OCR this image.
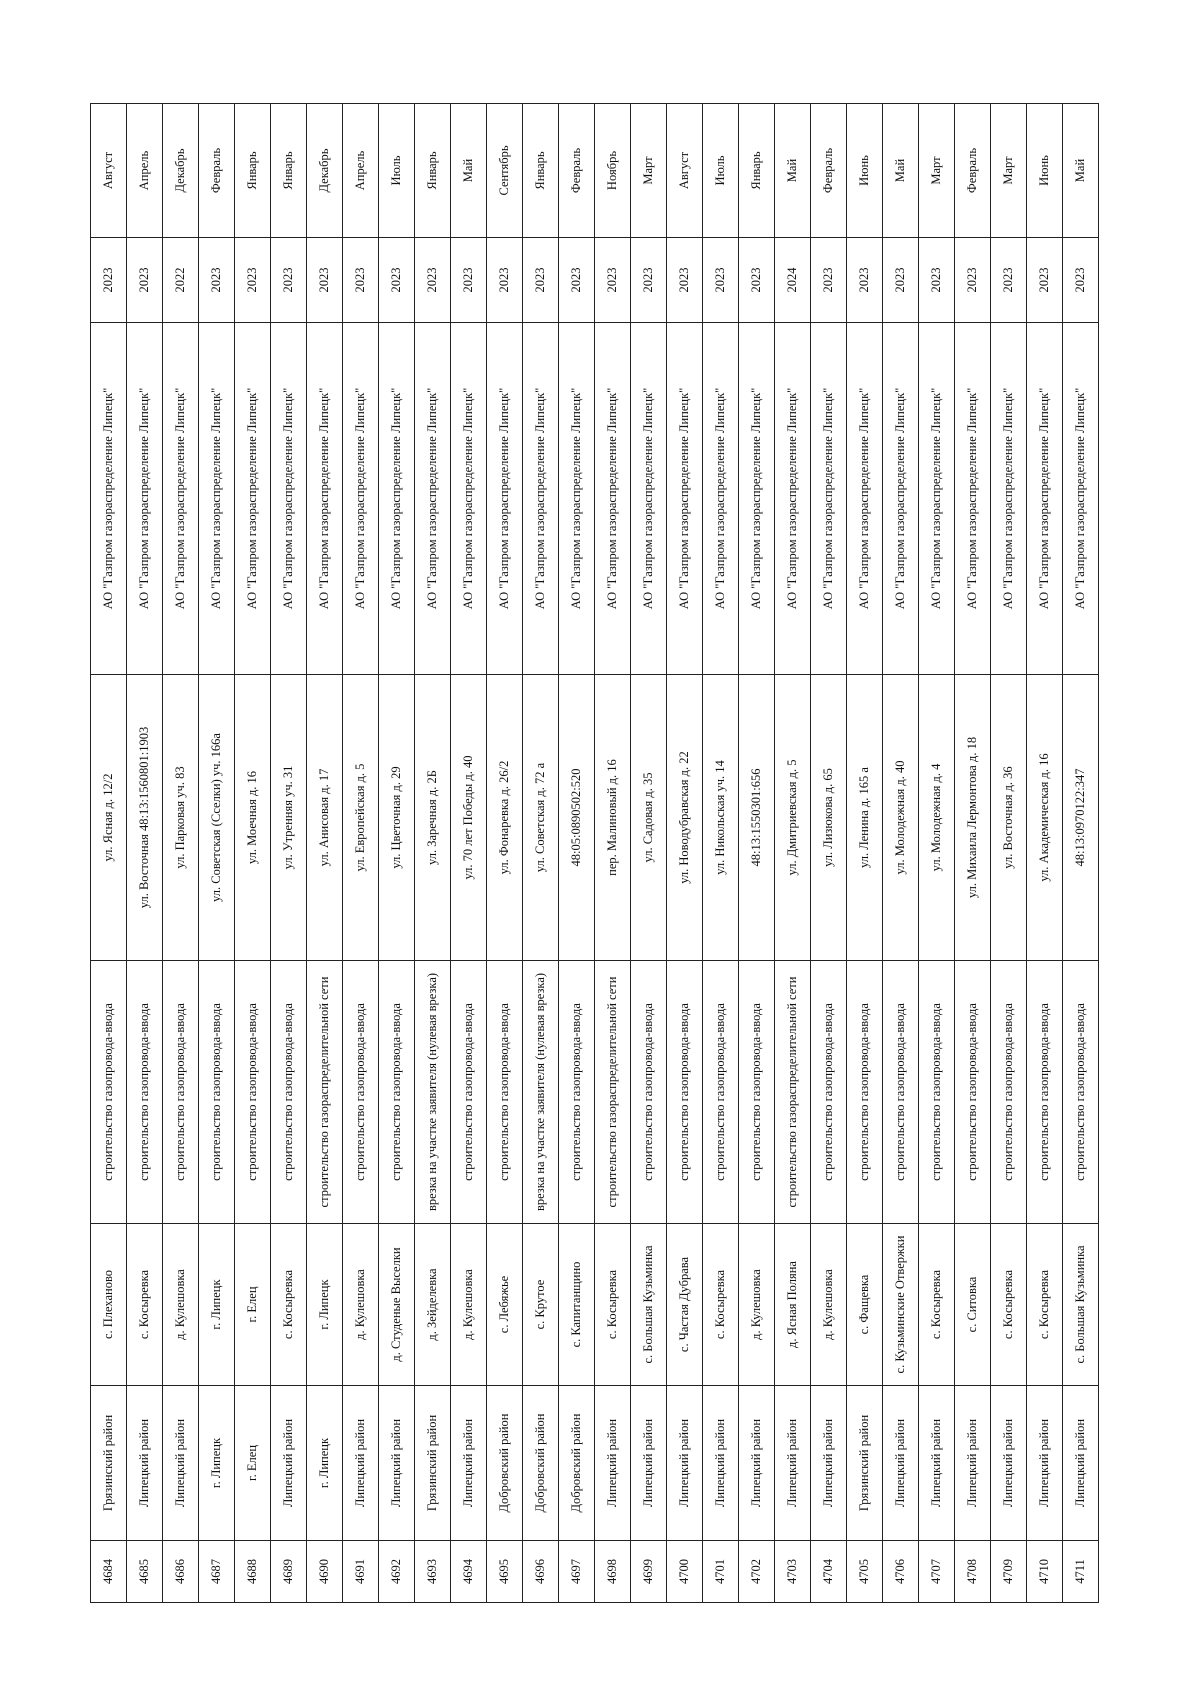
4684	Грязинский район	с. Плеханово	строительство газопровода-ввода	ул. Ясная д. 12/2	АО "Газпром газораспределение Липецк"	2023	Август
4685	Липецкий район	с. Косыревка	строительство газопровода-ввода	ул. Восточная 48:13:1560801:1903	АО "Газпром газораспределение Липецк"	2023	Апрель
4686	Липецкий район	д. Кулешовка	строительство газопровода-ввода	ул. Парковая уч. 83	АО "Газпром газораспределение Липецк"	2022	Декабрь
4687	г. Липецк	г. Липецк	строительство газопровода-ввода	ул. Советская (Сселки) уч. 166а	АО "Газпром газораспределение Липецк"	2023	Февраль
4688	г. Елец	г. Елец	строительство газопровода-ввода	ул. Моечная д. 16	АО "Газпром газораспределение Липецк"	2023	Январь
4689	Липецкий район	с. Косыревка	строительство газопровода-ввода	ул. Утренняя уч. 31	АО "Газпром газораспределение Липецк"	2023	Январь
4690	г. Липецк	г. Липецк	строительство газораспределительной сети	ул. Анисовая д. 17	АО "Газпром газораспределение Липецк"	2023	Декабрь
4691	Липецкий район	д. Кулешовка	строительство газопровода-ввода	ул. Европейская д. 5	АО "Газпром газораспределение Липецк"	2023	Апрель
4692	Липецкий район	д. Студеные Выселки	строительство газопровода-ввода	ул. Цветочная д. 29	АО "Газпром газораспределение Липецк"	2023	Июль
4693	Грязинский район	д. Зейделевка	врезка на участке заявителя (нулевая врезка)	ул. Заречная д. 2Б	АО "Газпром газораспределение Липецк"	2023	Январь
4694	Липецкий район	д. Кулешовка	строительство газопровода-ввода	ул. 70 лет Победы д. 40	АО "Газпром газораспределение Липецк"	2023	Май
4695	Добровский район	с. Лебяжье	строительство газопровода-ввода	ул. Фонаревка д. 26/2	АО "Газпром газораспределение Липецк"	2023	Сентябрь
4696	Добровский район	с. Крутое	врезка на участке заявителя (нулевая врезка)	ул. Советская д. 72 а	АО "Газпром газораспределение Липецк"	2023	Январь
4697	Добровский район	с. Капитанщино	строительство газопровода-ввода	48:05:0890502:520	АО "Газпром газораспределение Липецк"	2023	Февраль
4698	Липецкий район	с. Косыревка	строительство газораспределительной сети	пер. Малиновый д. 16	АО "Газпром газораспределение Липецк"	2023	Ноябрь
4699	Липецкий район	с. Большая Кузьминка	строительство газопровода-ввода	ул. Садовая д. 35	АО "Газпром газораспределение Липецк"	2023	Март
4700	Липецкий район	с. Частая Дубрава	строительство газопровода-ввода	ул. Новодубравская д. 22	АО "Газпром газораспределение Липецк"	2023	Август
4701	Липецкий район	с. Косыревка	строительство газопровода-ввода	ул. Никольская уч. 14	АО "Газпром газораспределение Липецк"	2023	Июль
4702	Липецкий район	д. Кулешовка	строительство газопровода-ввода	48:13:1550301:656	АО "Газпром газораспределение Липецк"	2023	Январь
4703	Липецкий район	д. Ясная Поляна	строительство газораспределительной сети	ул. Дмитриевская д. 5	АО "Газпром газораспределение Липецк"	2024	Май
4704	Липецкий район	д. Кулешовка	строительство газопровода-ввода	ул. Лизюкова д. 65	АО "Газпром газораспределение Липецк"	2023	Февраль
4705	Грязинский район	с. Фащевка	строительство газопровода-ввода	ул. Ленина д. 165 а	АО "Газпром газораспределение Липецк"	2023	Июнь
4706	Липецкий район	с. Кузьминские Отвержки	строительство газопровода-ввода	ул. Молодежная д. 40	АО "Газпром газораспределение Липецк"	2023	Май
4707	Липецкий район	с. Косыревка	строительство газопровода-ввода	ул. Молодежная д. 4	АО "Газпром газораспределение Липецк"	2023	Март
4708	Липецкий район	с. Ситовка	строительство газопровода-ввода	ул. Михаила Лермонтова д. 18	АО "Газпром газораспределение Липецк"	2023	Февраль
4709	Липецкий район	с. Косыревка	строительство газопровода-ввода	ул. Восточная д. 36	АО "Газпром газораспределение Липецк"	2023	Март
4710	Липецкий район	с. Косыревка	строительство газопровода-ввода	ул. Академическая д. 16	АО "Газпром газораспределение Липецк"	2023	Июнь
4711	Липецкий район	с. Большая Кузьминка	строительство газопровода-ввода	48:13:0970122:347	АО "Газпром газораспределение Липецк"	2023	Май
